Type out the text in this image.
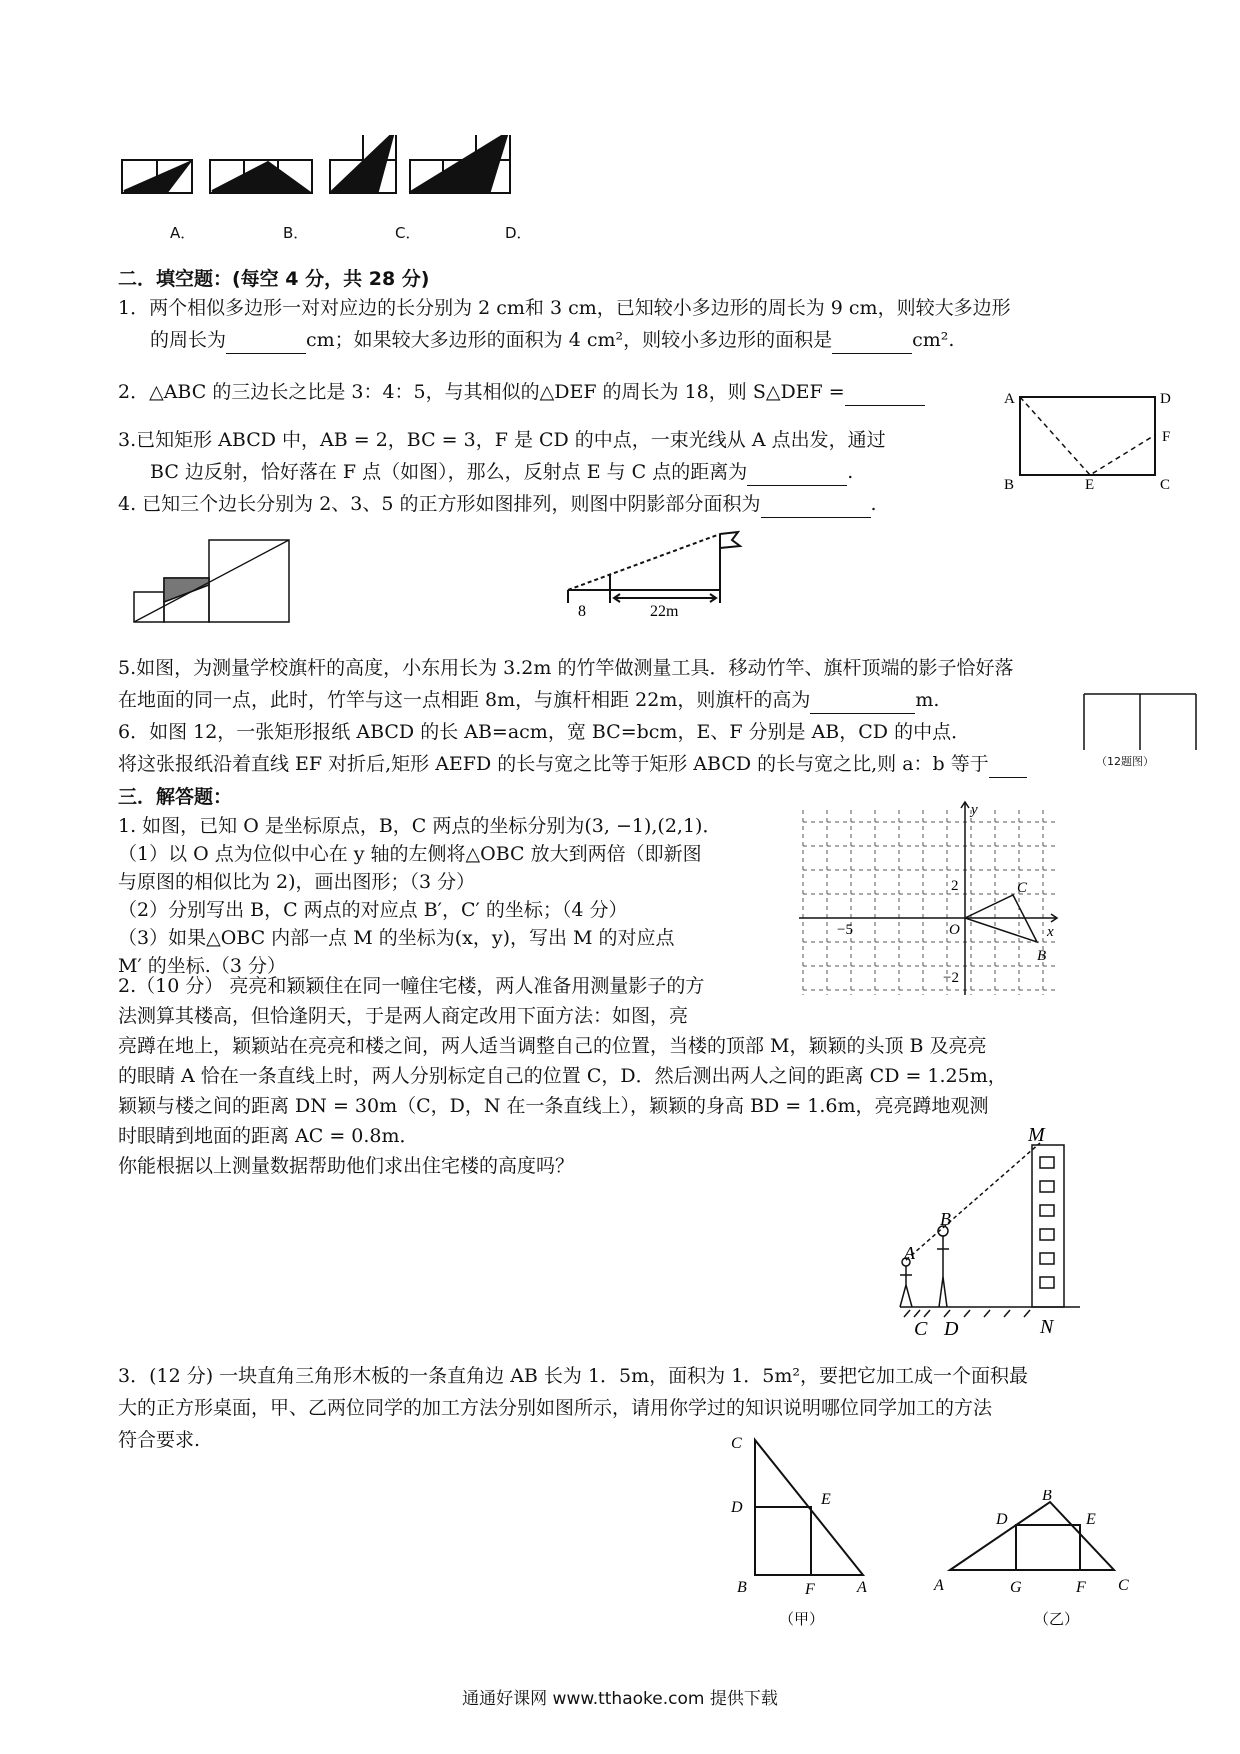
A．	B．	C．	D．
二．填空题：(每空 4 分，共 28 分)
1．两个相似多边形一对对应边的长分别为 2 cm和 3 cm，已知较小多边形的周长为 9 cm，则较大多边形
的周长为	cm；如果较大多边形的面积为 4 cm²，则较小多边形的面积是	cm².
2．△ABC 的三边长之比是 3：4：5，与其相似的△DEF 的周长为 18，则 S△DEF =
3.已知矩形 ABCD 中，AB = 2，BC = 3，F 是 CD 的中点，一束光线从 A 点出发，通过
BC 边反射，恰好落在 F 点（如图），那么，反射点 E 与 C 点的距离为	.
A	D
F
B	E	C
4. 已知三个边长分别为 2、3、5 的正方形如图排列，则图中阴影部分面积为	.
8	22m
5.如图，为测量学校旗杆的高度，小东用长为 3.2m 的竹竿做测量工具．移动竹竿、旗杆顶端的影子恰好落
在地面的同一点，此时，竹竿与这一点相距 8m，与旗杆相距 22m，则旗杆的高为	m.
（12题图）
6．如图 12，一张矩形报纸 ABCD 的长 AB=acm，宽 BC=bcm，E、F 分别是 AB，CD 的中点．
将这张报纸沿着直线 EF 对折后,矩形 AEFD 的长与宽之比等于矩形 ABCD 的长与宽之比,则 a：b 等于
三．解答题：
1. 如图，已知 O 是坐标原点，B，C 两点的坐标分别为(3, −1),(2,1)．
（1）以 O 点为位似中心在 y 轴的左侧将△OBC 放大到两倍（即新图
与原图的相似比为 2)，画出图形；（3 分）
（2）分别写出 B，C 两点的对应点 B′，C′ 的坐标；（4 分）
（3）如果△OBC 内部一点 M 的坐标为(x，y)，写出 M 的对应点
M′ 的坐标.（3 分）
y
x
O
C
B
−5
2
−2
2.（10 分） 亮亮和颖颖住在同一幢住宅楼，两人准备用测量影子的方
法测算其楼高，但恰逢阴天，于是两人商定改用下面方法：如图，亮
亮蹲在地上，颖颖站在亮亮和楼之间，两人适当调整自己的位置，当楼的顶部 M，颖颖的头顶 B 及亮亮
的眼睛 A 恰在一条直线上时，两人分别标定自己的位置 C，D．然后测出两人之间的距离 CD = 1.25m，
颖颖与楼之间的距离 DN = 30m（C，D，N 在一条直线上），颖颖的身高 BD = 1.6m，亮亮蹲地观测
时眼睛到地面的距离 AC = 0.8m．
你能根据以上测量数据帮助他们求出住宅楼的高度吗？
M
B
A
C D	N
3．(12 分) 一块直角三角形木板的一条直角边 AB 长为 1．5m，面积为 1．5m²，要把它加工成一个面积最
大的正方形桌面，甲、乙两位同学的加工方法分别如图所示，请用你学过的知识说明哪位同学加工的方法
符合要求.	C
D	E
B	F	A
（甲）
B
D	E
A	G	F C
（乙）
通通好课网 www.tthaoke.com 提供下载
